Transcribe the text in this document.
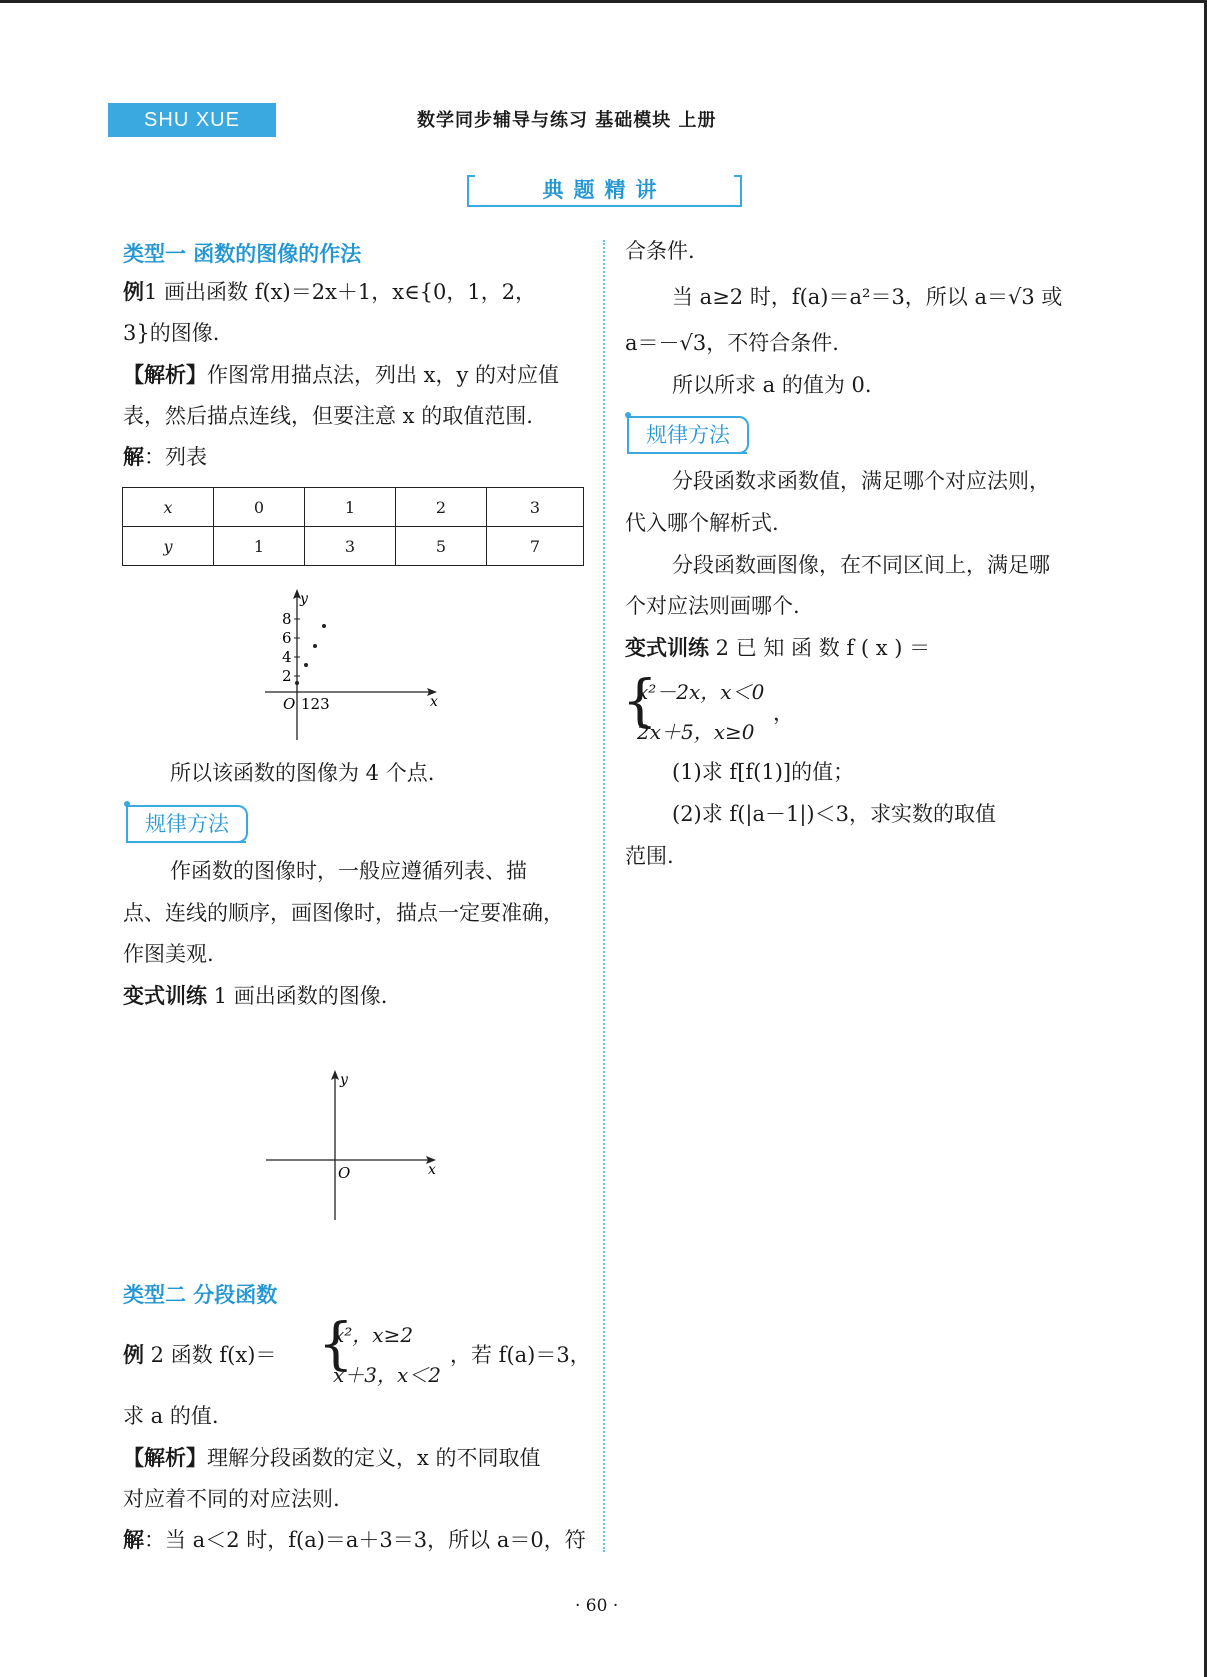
SHU XUE	数学同步辅导与练习 基础模块 上册
典题精讲
类型一 函数的图像的作法
例1 画出函数 f(x)＝2x＋1，x∈{0，1，2，
3}的图像.
【解析】作图常用描点法，列出 x，y 的对应值
表，然后描点连线，但要注意 x 的取值范围.
解：列表
x	0	1	2	3
y	1	3	5	7
y
x
O 123
8
6
4
2
所以该函数的图像为 4 个点.
规律方法
作函数的图像时，一般应遵循列表、描
点、连线的顺序，画图像时，描点一定要准确，
作图美观.
变式训练 1 画出函数的图像.
y
x
O
类型二 分段函数
例 2 函数 f(x)＝ {
x²，x≥2
x＋3，x＜2
，若 f(a)＝3，
求 a 的值.
【解析】理解分段函数的定义，x 的不同取值
对应着不同的对应法则.
解：当 a＜2 时，f(a)＝a＋3＝3，所以 a＝0，符
合条件.
当 a≥2 时，f(a)＝a²＝3，所以 a＝√3 或
a＝－√3，不符合条件.
所以所求 a 的值为 0.
规律方法
分段函数求函数值，满足哪个对应法则，
代入哪个解析式.
分段函数画图像，在不同区间上，满足哪
个对应法则画哪个.
变式训练 2 已 知 函 数 f ( x ) ＝
{
x²－2x，x＜0
2x＋5，x≥0
，
(1)求 f[f(1)]的值；
(2)求 f(|a－1|)＜3，求实数的取值
范围.
· 60 ·
